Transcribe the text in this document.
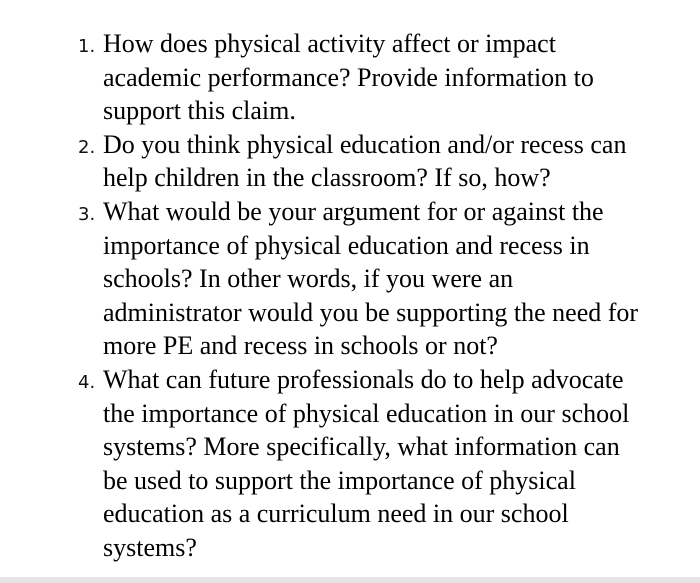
1. How does physical activity affect or impact
academic performance? Provide information to
support this claim.
2. Do you think physical education and/or recess can
help children in the classroom? If so, how?
3. What would be your argument for or against the
importance of physical education and recess in
schools? In other words, if you were an
administrator would you be supporting the need for
more PE and recess in schools or not?
4. What can future professionals do to help advocate
the importance of physical education in our school
systems? More specifically, what information can
be used to support the importance of physical
education as a curriculum need in our school
systems?
